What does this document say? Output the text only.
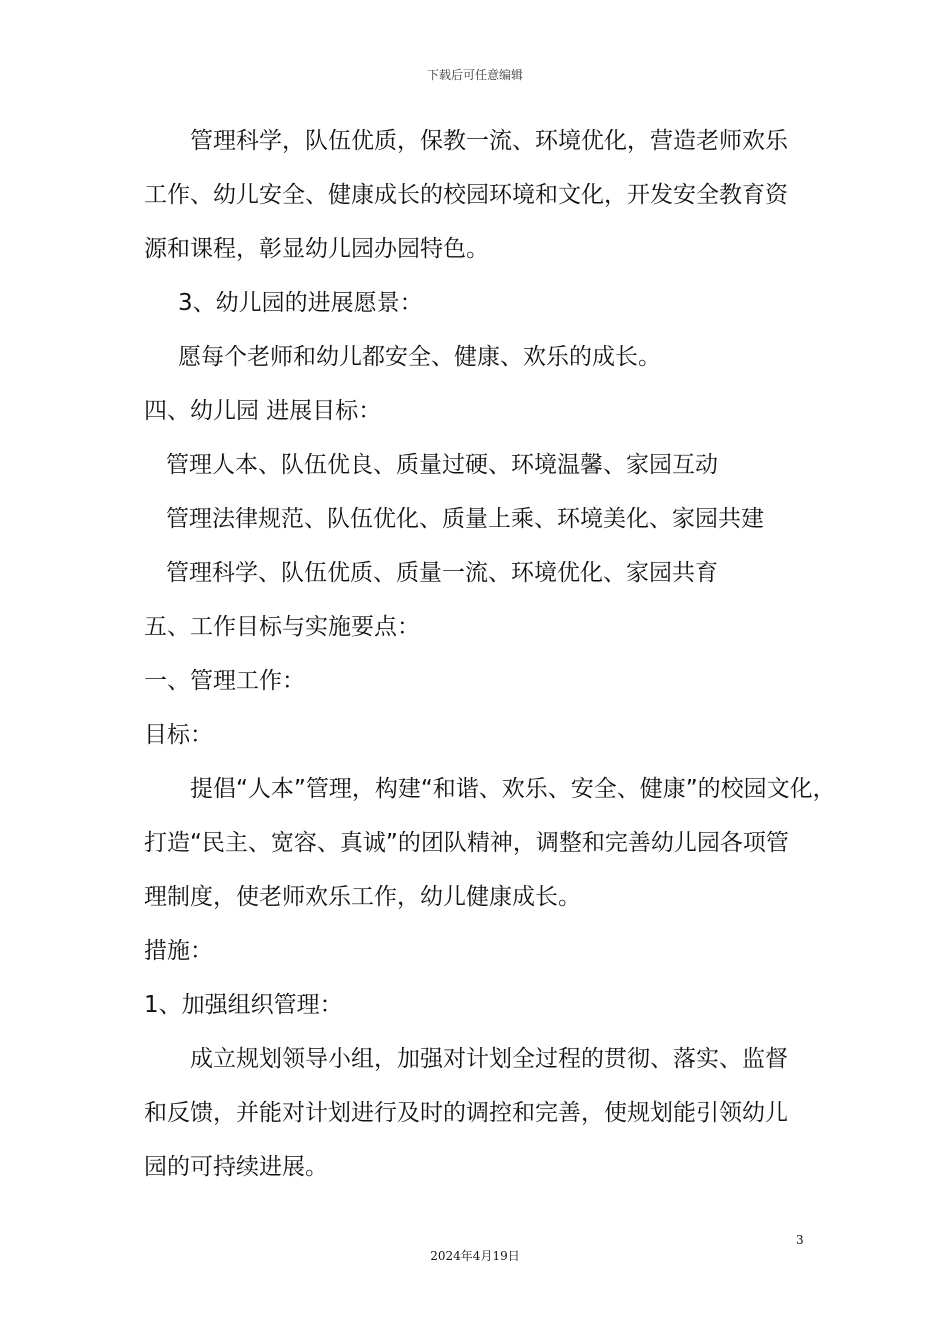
下载后可任意编辑
管理科学，队伍优质，保教一流、环境优化，营造老师欢乐
工作、幼儿安全、健康成长的校园环境和文化，开发安全教育资
源和课程，彰显幼儿园办园特色。
3、幼儿园的进展愿景：
愿每个老师和幼儿都安全、健康、欢乐的成长。
四、幼儿园 进展目标：
管理人本、队伍优良、质量过硬、环境温馨、家园互动
管理法律规范、队伍优化、质量上乘、环境美化、家园共建
管理科学、队伍优质、质量一流、环境优化、家园共育
五、工作目标与实施要点：
一、管理工作：
目标：
提倡“人本”管理，构建“和谐、欢乐、安全、健康”的校园文化，
打造“民主、宽容、真诚”的团队精神，调整和完善幼儿园各项管
理制度，使老师欢乐工作，幼儿健康成长。
措施：
1、加强组织管理：
成立规划领导小组，加强对计划全过程的贯彻、落实、监督
和反馈，并能对计划进行及时的调控和完善，使规划能引领幼儿
园的可持续进展。
3
2024年4月19日
